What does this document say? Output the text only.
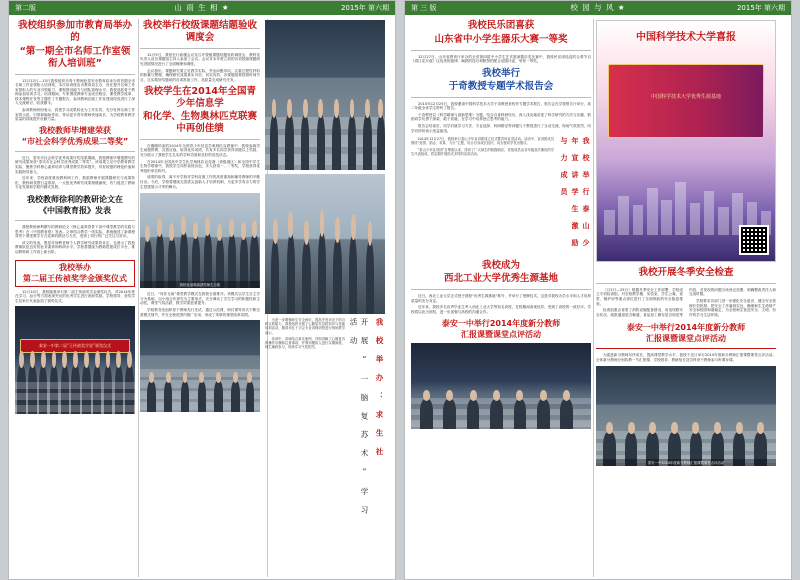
第二版	山 雨 生 相 ★	2015年 第六期
我校组织参加市教育局举办的
“第一期全市名师工作室领衔人培训班”

12月12日—15日我校组织市骨干教师赴泰安市教育局举办的首期全市名师工作室领衔人培训班，本次培训班由市教育局主办，旨在提升名师工作室领衔人的专业引领能力、课程建设能力与团队管理水平，我校选派骨干教师参加培训学习。培训期间，专家围绕教师专业成长路径、课堂教学改革、校本课程开发等主题作了专题报告，参训教师还就工作室建设经验进行了深入交流研讨，收获颇丰。

参训教师纷纷表示，将把学习成果转化为工作实效，充分发挥名师工作室的示范、引领和辐射作用，带动更多青年教师快速成长，为学校教育教学质量的持续提升贡献力量。

我校教师毕增建荣获
“市社会科学优秀成果二等奖”

近日，泰安市社会科学优秀成果评奖结果揭晓，我校教师毕增建撰写的研究成果荣获“泰安市社会科学优秀成果二等奖”。该成果立足中学教育教学实际，聚焦学科核心素养培育与课堂教学效率提升，具有较强的理论价值和实践指导意义。

近年来，学校高度重视教科研工作，鼓励教师开展课题研究与成果转化，教科研氛围日益浓厚，一大批优秀研究成果相继涌现，有力促进了教师专业发展和学校内涵式发展。

我校教师徐利的教研论文在
《中国教育报》发表

我校教师徐利撰写的教研论文《核心素养背景下高中课堂教学的实践与思考》在《中国教育报》发表。文章结合教学一线实际，系统阐述了新课程背景下课堂教学方式变革的路径与方法，受到了同行的广泛关注与好评。

该文的发表，既是对徐利老师个人教学研究成果的肯定，也展示了我校教师队伍良好的业务素养和科研水平。学校将继续为教师搭建成长平台，推动教科研工作再上新台阶。

我校举办
第二届王传祯奖学金颁奖仪式

12月10日，我校隆重举行第二届王传祯奖学金颁奖仪式，对2014年度在学习、品行等方面表现突出的优秀学生进行表彰奖励。学校领导、获奖学生及家长代表参加了颁奖仪式。

泰安一中第二届“王传祯奖学金”颁奖仪式
我校举行校级课题结题验收调度会

12月9日，我校在行政楼会议室召开校级课题结题验收调度会，教科室负责人及各课题组主持人参加了会议。会议对本年度立项的各项校级课题研究进展情况进行了全面梳理和调度。

会议指出，课题研究要立足教学实际，突出问题导向，注重过程性材料的积累与整理，确保研究成果真实可信、切实有效。各课题组要按照时间节点，扎实做好结题前的各项准备工作，高质量完成研究任务。

我校学生在2014年全国青少年信息学
和化学、生物奥林匹克联赛中再创佳绩

在刚刚结束的2014年全国青少年信息学奥林匹克联赛中，我校参赛学生顽强拼搏、沉着应战，取得优异成绩，共有多名同学获得省级以上奖励，充分展示了我校学生扎实的学科功底和良好的竞技状态。

在2014年全国高中学生化学奥林匹克竞赛（省级赛区）和全国中学生生物学联赛中，我校学生同样表现出色，多人获得一、二等奖，学校获得优秀组织单位称号。

成绩的取得，离不开学校对学科竞赛工作的高度重视和辅导教师的辛勤付出。今后，学校将继续完善拔尖创新人才培养机制，为更多学有余力的学生搭建展示才华的舞台。

我校参加奥赛获奖师生合影

近日，“同伴互助”课堂教学模式在我校全面推开。该模式以学生自主学习为基础，以小组合作探究为主要形式，充分调动了学生学习的积极性和主动性，课堂气氛活跃，教学效果显著提升。

学校教务处组织骨干教师先行先试，通过示范课、研讨课等形式不断完善模式细节，并在全校范围内推广应用，形成了浓厚的课堂改革氛围。

为进一步增强师生安全意识，提高突发状况下的自救互救能力，我校组织开展了心肺复苏急救知识与技能培训活动，邀请市红十字会专业讲师到校进行现场教学演示。

培训中，讲师结合真实案例，详细讲解了心肺复苏的操作步骤和注意事项，并利用模拟人进行实操演练，师生踊跃参与，现场学习气氛热烈。	开 展 “ 一 脑 复 苏 术 ” 学 习 活 动	我 校 举 办 ： 求 生 社
第 三 版	校 园 与 风 ★	2015年 第六期
我校民乐团喜获
山东省中小学生器乐大赛一等奖

12月27日，山东省教育厅举办的全省第四届中小学生艺术展演器乐类比赛中，我校民乐团选送的合奏节目《春江花月夜》以优美的旋律、娴熟的技巧和默契的配合征服评委，荣获一等奖。

我校举行
于奇教授专题学术报告会

2015年12月25日，我校邀请中国科学技术大学于奇教授来校作专题学术报告，报告会在学校报告厅举行，高二年级全体学生聆听了报告。

于奇教授以《科学精神与创新思维》为题，结合自身科研经历，深入浅出地讲述了科学研究的方法与乐趣，鼓励同学们勇于探索、敢于质疑，在学习中培养独立思考的能力。

报告会结束后，同学们就学习方法、专业选择、科研路径等问题与于教授进行了互动交流，现场气氛热烈，同学们纷纷表示受益匪浅。

2014年12月27日，我校举行泰山少年宣讲团成立仪式暨首场宣讲活动。活动中，宣讲团成员围绕“爱国、励志、求真、力行”主题，结合自身成长经历，向全校同学发出倡议。

“泰山少年宣讲团”自筹备以来，得到了广大师生的积极响应，首批成员由各年级品学兼优的学生代表组成，将定期开展形式多样的宣讲活动。	我 校 举 行 泰 山 少 年 宣 讲 学 生 激 励 与 力 成 员
我校成为
西北工业大学优秀生源基地

近日，西北工业大学正式授予我校“优秀生源基地”称号，并举行了授牌仪式。这是对我校办学水平和人才培养质量的充分肯定。

近年来，我校多名优秀毕业生考入西北工业大学等知名高校，在校期间表现优异，受到了高校的一致好评。学校将以此为契机，进一步加强与高校的沟通合作。

泰安一中举行2014年度新分教师
汇报课暨课堂点评活动
中国科学技术大学喜报
中国科学技术大学优秀生源基地
我校开展冬季安全检查

（月2日—25日）根据冬季安全工作部署，学校成立专项检查组，对全校教学楼、实验室、学生公寓、食堂、锅炉房等重点部位进行了全面细致的安全隐患排查。

检查组重点查看了消防设施配备情况、用电线路安全状况、疏散通道是否畅通、食品加工储存是否规范等内容，对发现的问题当场登记造册，明确整改责任人和完成时限。

学校要求各部门进一步强化安全意识，健全安全管理长效机制，把安全工作落到实处，确保师生生命财产安全和校园和谐稳定，为全校师生营造安全、文明、有序的学习生活环境。

泰安一中举行2014年度新分教师
汇报课暨课堂点评活动

为促进新分教师尽快成长，提高课堂教学水平，我校于近日举行2014年度新分教师汇报课暨课堂点评活动。全体新分教师分别执教一节汇报课，学校领导、教研组长及学科骨干教师参与听课评课。

泰安一中2014年度新分教师汇报课暨课堂点评活动
